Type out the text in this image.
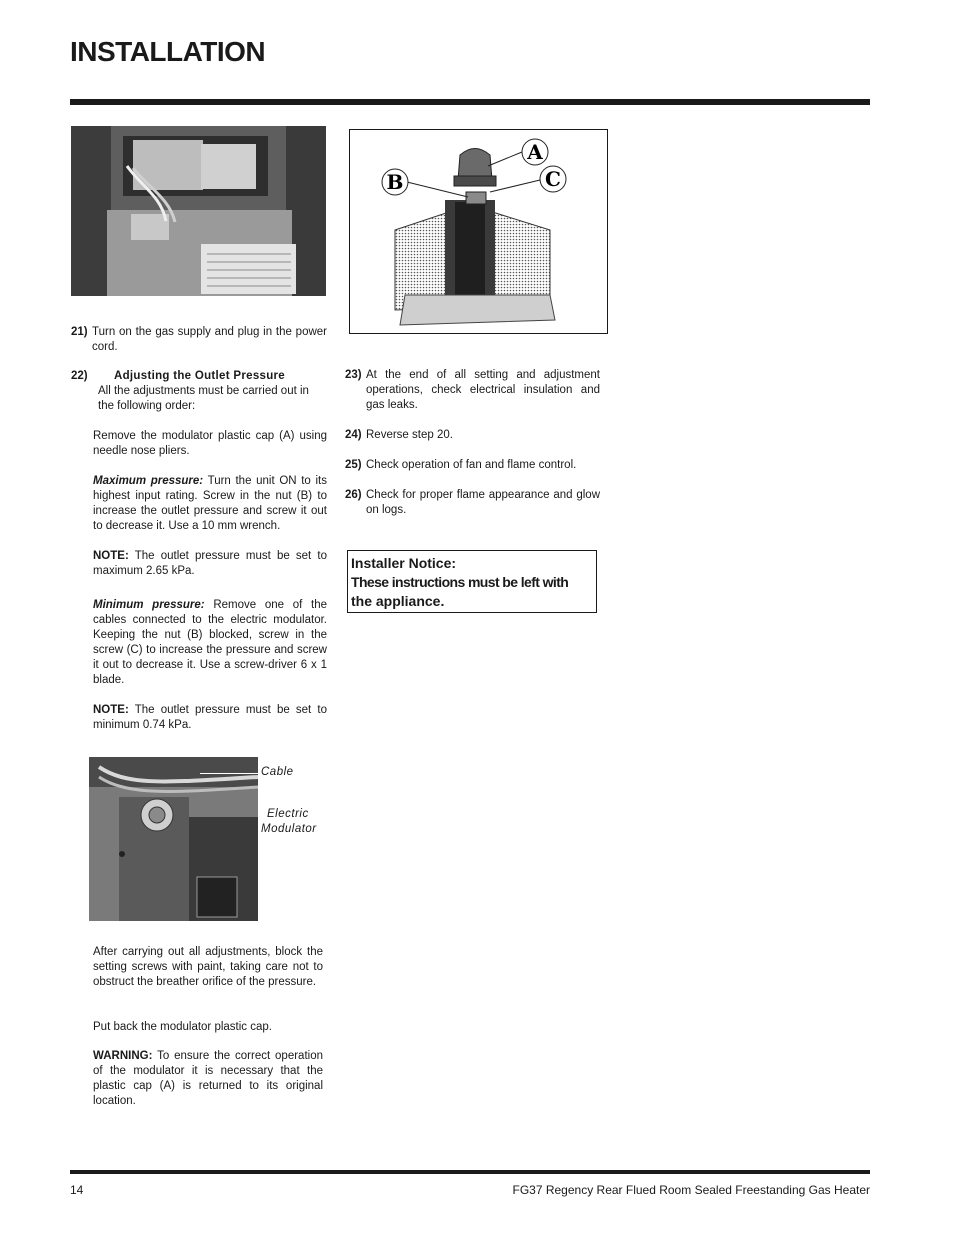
INSTALLATION
A
C
B
21) Turn on the gas supply and plug in the power cord.
22) Adjusting the Outlet Pressure
All the adjustments must be carried out in the following order:
Remove the modulator plastic cap (A) using needle nose pliers.
Maximum pressure: Turn the unit ON to its highest input rating. Screw in the nut (B) to increase the outlet pressure and screw it out to decrease it. Use a 10 mm wrench.
NOTE: The outlet pressure must be set to maximum 2.65 kPa.
Minimum pressure: Remove one of the cables connected to the electric modulator. Keeping the nut (B) blocked, screw in the screw (C) to increase the pressure and screw it out to decrease it. Use a screw-driver 6 x 1 blade.
NOTE: The outlet pressure must be set to minimum 0.74 kPa.
Cable
Electric
Modulator
After carrying out all adjustments, block the setting screws with paint, taking care not to obstruct the breather orifice of the pressure.
Put back the modulator plastic cap.
WARNING: To ensure the correct operation of the modulator it is necessary that the plastic cap (A) is returned to its original location.
23) At the end of all setting and adjustment operations, check electrical insulation and gas leaks.
24) Reverse step 20.
25) Check operation of fan and flame control.
26) Check for proper flame appearance and glow on logs.
Installer Notice:
These instructions must be left with
the appliance.
14	FG37 Regency Rear Flued Room Sealed Freestanding Gas Heater
